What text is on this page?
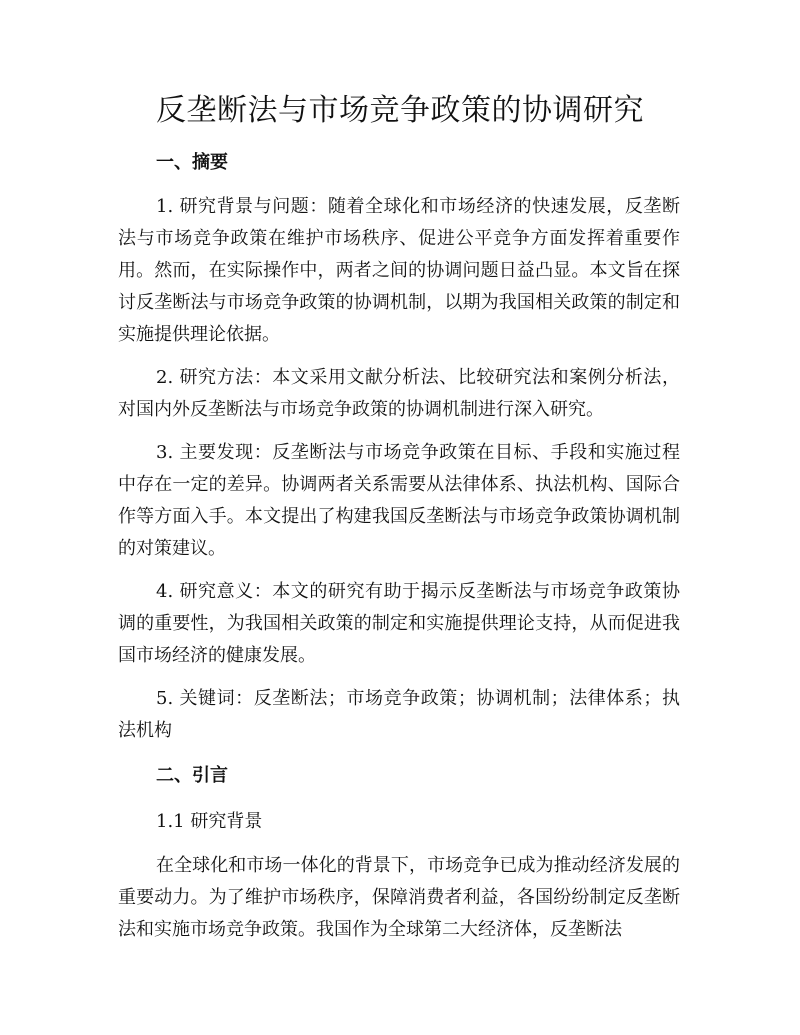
反垄断法与市场竞争政策的协调研究
一、摘要

1. 研究背景与问题：随着全球化和市场经济的快速发展，反垄断法与市场竞争政策在维护市场秩序、促进公平竞争方面发挥着重要作用。然而，在实际操作中，两者之间的协调问题日益凸显。本文旨在探讨反垄断法与市场竞争政策的协调机制，以期为我国相关政策的制定和实施提供理论依据。

2. 研究方法：本文采用文献分析法、比较研究法和案例分析法，对国内外反垄断法与市场竞争政策的协调机制进行深入研究。

3. 主要发现：反垄断法与市场竞争政策在目标、手段和实施过程中存在一定的差异。协调两者关系需要从法律体系、执法机构、国际合作等方面入手。本文提出了构建我国反垄断法与市场竞争政策协调机制的对策建议。

4. 研究意义：本文的研究有助于揭示反垄断法与市场竞争政策协调的重要性，为我国相关政策的制定和实施提供理论支持，从而促进我国市场经济的健康发展。

5. 关键词：反垄断法；市场竞争政策；协调机制；法律体系；执法机构

二、引言
1.1 研究背景

在全球化和市场一体化的背景下，市场竞争已成为推动经济发展的重要动力。为了维护市场秩序，保障消费者利益，各国纷纷制定反垄断法和实施市场竞争政策。我国作为全球第二大经济体，反垄断法
